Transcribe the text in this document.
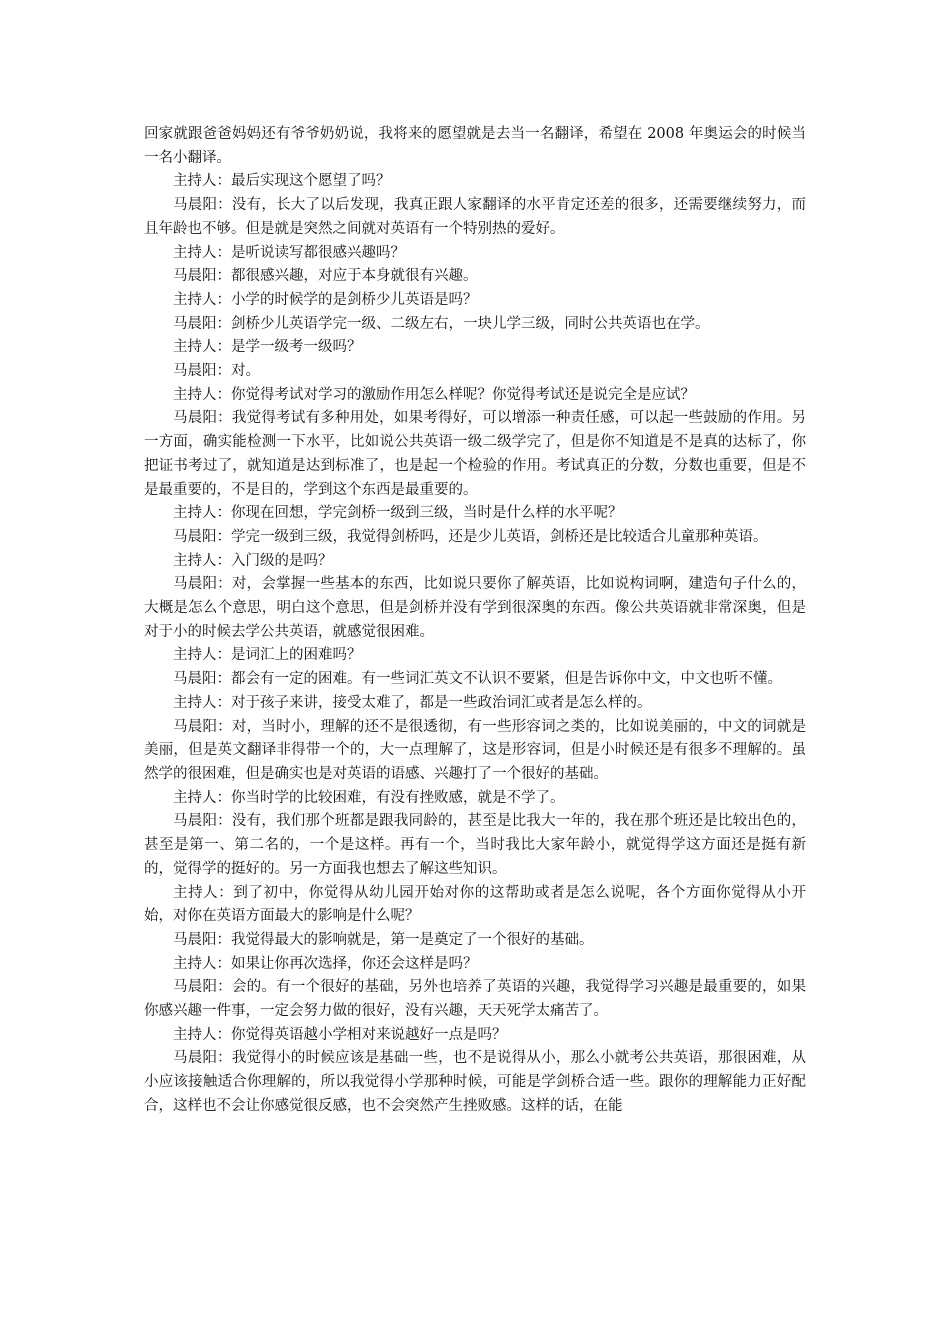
回家就跟爸爸妈妈还有爷爷奶奶说，我将来的愿望就是去当一名翻译，希望在 2008 年奥运会的时候当一名小翻译。

主持人：最后实现这个愿望了吗？

马晨阳：没有，长大了以后发现，我真正跟人家翻译的水平肯定还差的很多，还需要继续努力，而且年龄也不够。但是就是突然之间就对英语有一个特别热的爱好。

主持人：是听说读写都很感兴趣吗？

马晨阳：都很感兴趣，对应于本身就很有兴趣。

主持人：小学的时候学的是剑桥少儿英语是吗？

马晨阳：剑桥少儿英语学完一级、二级左右，一块儿学三级，同时公共英语也在学。

主持人：是学一级考一级吗？

马晨阳：对。

主持人：你觉得考试对学习的激励作用怎么样呢？你觉得考试还是说完全是应试？

马晨阳：我觉得考试有多种用处，如果考得好，可以增添一种责任感，可以起一些鼓励的作用。另一方面，确实能检测一下水平，比如说公共英语一级二级学完了，但是你不知道是不是真的达标了，你把证书考过了，就知道是达到标准了，也是起一个检验的作用。考试真正的分数，分数也重要，但是不是最重要的，不是目的，学到这个东西是最重要的。

主持人：你现在回想，学完剑桥一级到三级，当时是什么样的水平呢？

马晨阳：学完一级到三级，我觉得剑桥吗，还是少儿英语，剑桥还是比较适合儿童那种英语。

主持人：入门级的是吗？

马晨阳：对，会掌握一些基本的东西，比如说只要你了解英语，比如说构词啊，建造句子什么的，大概是怎么个意思，明白这个意思，但是剑桥并没有学到很深奥的东西。像公共英语就非常深奥，但是对于小的时候去学公共英语，就感觉很困难。

主持人：是词汇上的困难吗？

马晨阳：都会有一定的困难。有一些词汇英文不认识不要紧，但是告诉你中文，中文也听不懂。

主持人：对于孩子来讲，接受太难了，都是一些政治词汇或者是怎么样的。

马晨阳：对，当时小，理解的还不是很透彻，有一些形容词之类的，比如说美丽的，中文的词就是美丽，但是英文翻译非得带一个的，大一点理解了，这是形容词，但是小时候还是有很多不理解的。虽然学的很困难，但是确实也是对英语的语感、兴趣打了一个很好的基础。

主持人：你当时学的比较困难，有没有挫败感，就是不学了。

马晨阳：没有，我们那个班都是跟我同龄的，甚至是比我大一年的，我在那个班还是比较出色的，甚至是第一、第二名的，一个是这样。再有一个，当时我比大家年龄小，就觉得学这方面还是挺有新的，觉得学的挺好的。另一方面我也想去了解这些知识。

主持人：到了初中，你觉得从幼儿园开始对你的这帮助或者是怎么说呢，各个方面你觉得从小开始，对你在英语方面最大的影响是什么呢？

马晨阳：我觉得最大的影响就是，第一是奠定了一个很好的基础。

主持人：如果让你再次选择，你还会这样是吗？

马晨阳：会的。有一个很好的基础，另外也培养了英语的兴趣，我觉得学习兴趣是最重要的，如果你感兴趣一件事，一定会努力做的很好，没有兴趣，天天死学太痛苦了。

主持人：你觉得英语越小学相对来说越好一点是吗？

马晨阳：我觉得小的时候应该是基础一些，也不是说得从小，那么小就考公共英语，那很困难，从小应该接触适合你理解的，所以我觉得小学那种时候，可能是学剑桥合适一些。跟你的理解能力正好配合，这样也不会让你感觉很反感，也不会突然产生挫败感。这样的话，在能
